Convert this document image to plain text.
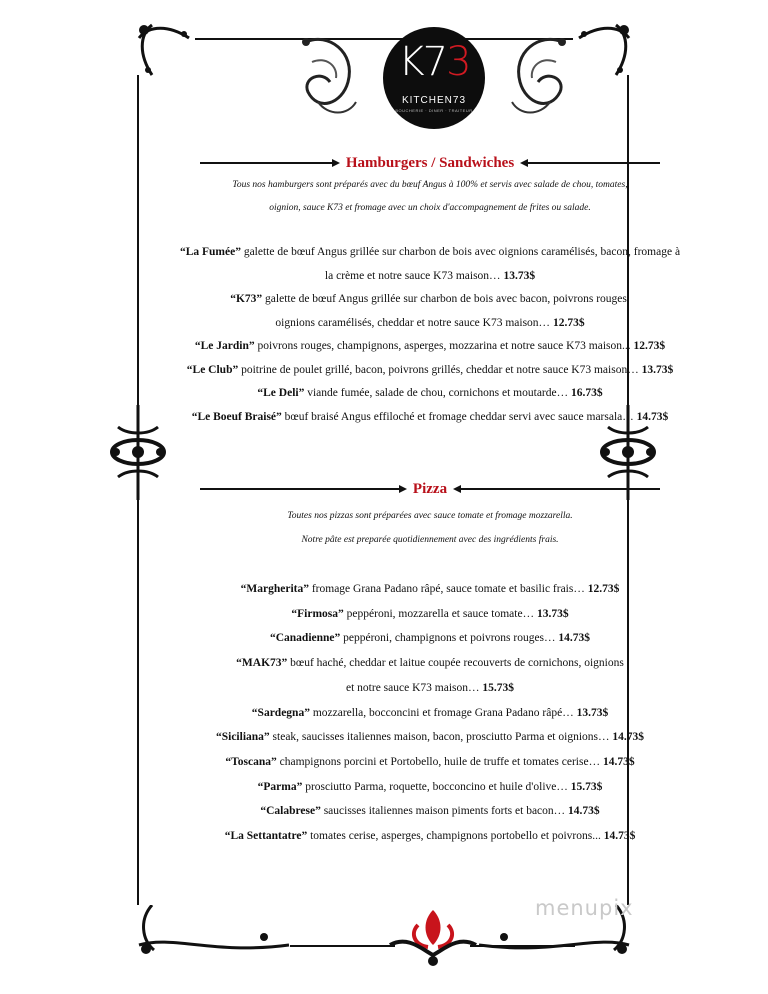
K73
KITCHEN73
BOUCHERIE · DINER · TRAITEUR
Hamburgers / Sandwiches
Tous nos hamburgers sont préparés avec du bœuf Angus à 100% et servis avec salade de chou, tomates,
oignion, sauce K73 et fromage avec un choix d'accompagnement de frites ou salade.
“La Fumée” galette de bœuf Angus grillée sur charbon de bois avec oignions caramélisés, bacon, fromage à
la crème et notre sauce K73 maison… 13.73$
“K73” galette de bœuf Angus grillée sur charbon de bois avec bacon, poivrons rouges,
oignions caramélisés, cheddar et notre sauce K73 maison… 12.73$
“Le Jardin” poivrons rouges, champignons, asperges, mozzarina et notre sauce K73 maison... 12.73$
“Le Club” poitrine de poulet grillé, bacon, poivrons grillés, cheddar et notre sauce K73 maison… 13.73$
“Le Deli” viande fumée, salade de chou, cornichons et moutarde… 16.73$
“Le Boeuf Braisé” bœuf braisé Angus effiloché et fromage cheddar servi avec sauce marsala… 14.73$
Pizza
Toutes nos pizzas sont préparées avec sauce tomate et fromage mozzarella.
Notre pâte est preparée quotidiennement avec des ingrédients frais.
“Margherita” fromage Grana Padano râpé, sauce tomate et basilic frais… 12.73$
“Firmosa” peppéroni, mozzarella et sauce tomate… 13.73$
“Canadienne” peppéroni, champignons et poivrons rouges… 14.73$
“MAK73” bœuf haché, cheddar et laitue coupée recouverts de cornichons, oignions
et notre sauce K73 maison… 15.73$
“Sardegna” mozzarella, bocconcini et fromage Grana Padano râpé… 13.73$
“Siciliana” steak, saucisses italiennes maison, bacon, prosciutto Parma et oignions… 14.73$
“Toscana” champignons porcini et Portobello, huile de truffe et tomates cerise… 14.73$
“Parma” prosciutto Parma, roquette, bocconcino et huile d'olive… 15.73$
“Calabrese” saucisses italiennes maison piments forts et bacon… 14.73$
“La Settantatre” tomates cerise, asperges, champignons portobello et poivrons... 14.73$
menupix
